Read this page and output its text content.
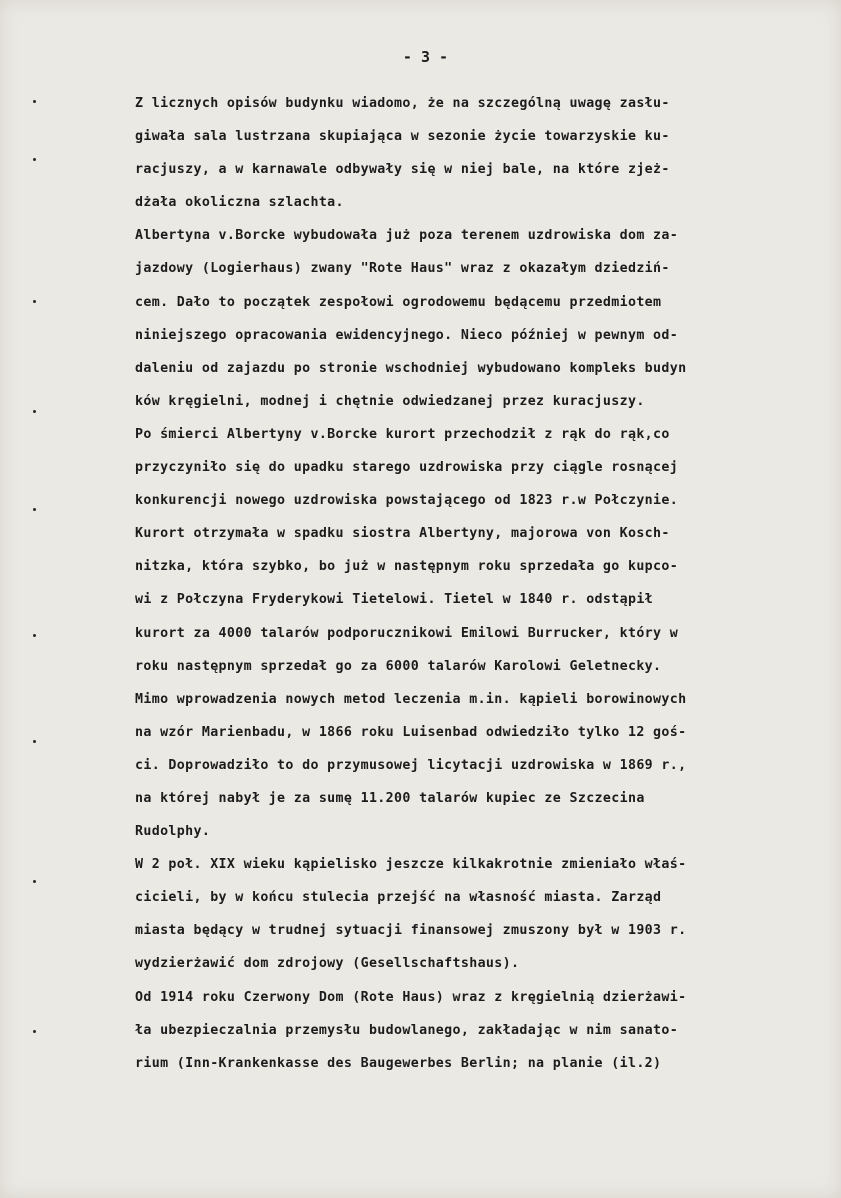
- 3 -
Z licznych opisów budynku wiadomo, że na szczególną uwagę zasłu-
giwała sala lustrzana skupiająca w sezonie życie towarzyskie ku-
racjuszy, a w karnawale odbywały się w niej bale, na które zjeż-
dżała okoliczna szlachta.
Albertyna v.Borcke wybudowała już poza terenem uzdrowiska dom za-
jazdowy (Logierhaus) zwany "Rote Haus" wraz z okazałym dziedziń-
cem. Dało to początek zespołowi ogrodowemu będącemu przedmiotem
niniejszego opracowania ewidencyjnego. Nieco później w pewnym od-
daleniu od zajazdu po stronie wschodniej wybudowano kompleks budyn
ków kręgielni, modnej i chętnie odwiedzanej przez kuracjuszy.
Po śmierci Albertyny v.Borcke kurort przechodził z rąk do rąk,co
przyczyniło się do upadku starego uzdrowiska przy ciągle rosnącej
konkurencji nowego uzdrowiska powstającego od 1823 r.w Połczynie.
Kurort otrzymała w spadku siostra Albertyny, majorowa von Kosch-
nitzka, która szybko, bo już w następnym roku sprzedała go kupco-
wi z Połczyna Fryderykowi Tietelowi. Tietel w 1840 r. odstąpił
kurort za 4000 talarów podporucznikowi Emilowi Burrucker, który w
roku następnym sprzedał go za 6000 talarów Karolowi Geletnecky.
Mimo wprowadzenia nowych metod leczenia m.in. kąpieli borowinowych
na wzór Marienbadu, w 1866 roku Luisenbad odwiedziło tylko 12 goś-
ci. Doprowadziło to do przymusowej licytacji uzdrowiska w 1869 r.,
na której nabył je za sumę 11.200 talarów kupiec ze Szczecina
Rudolphy.
W 2 poł. XIX wieku kąpielisko jeszcze kilkakrotnie zmieniało właś-
cicieli, by w końcu stulecia przejść na własność miasta. Zarząd
miasta będący w trudnej sytuacji finansowej zmuszony był w 1903 r.
wydzierżawić dom zdrojowy (Gesellschaftshaus).
Od 1914 roku Czerwony Dom (Rote Haus) wraz z kręgielnią dzierżawi-
ła ubezpieczalnia przemysłu budowlanego, zakładając w nim sanato-
rium (Inn-Krankenkasse des Baugewerbes Berlin; na planie (il.2)
